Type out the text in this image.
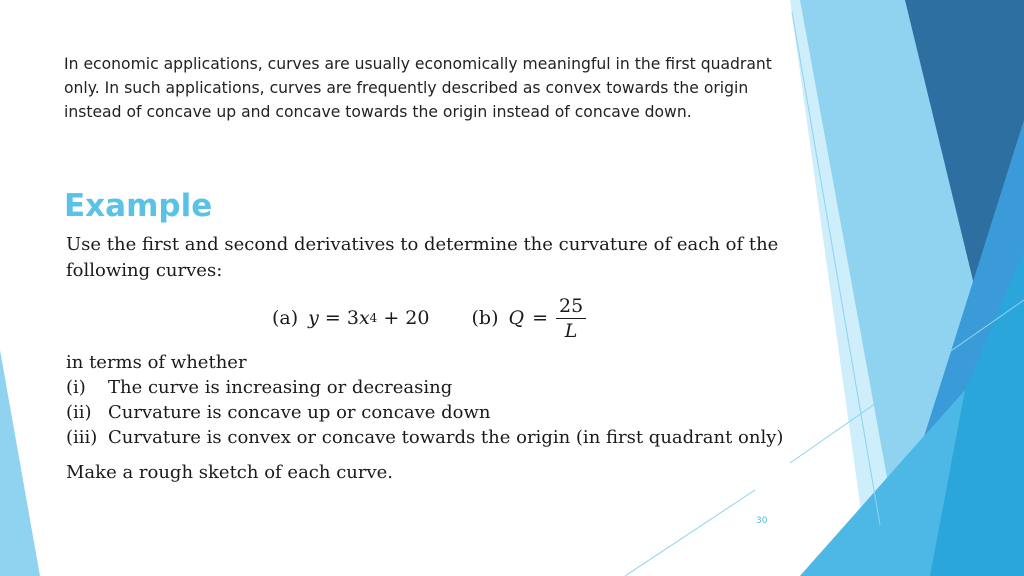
In economic applications, curves are usually economically meaningful in the first quadrant only. In such applications, curves are frequently described as convex towards the origin instead of concave up and concave towards the origin instead of concave down.

Example

Use the first and second derivatives to determine the curvature of each of the following curves:

(a) y = 3 x 4 + 20 (b) $Q = \frac{25}{L}$

in terms of whether

(i)	The curve is increasing or decreasing
(ii) Curvature is concave up or concave down
(iii) Curvature is convex or concave towards the origin (in first quadrant only)

Make a rough sketch of each curve.

30
